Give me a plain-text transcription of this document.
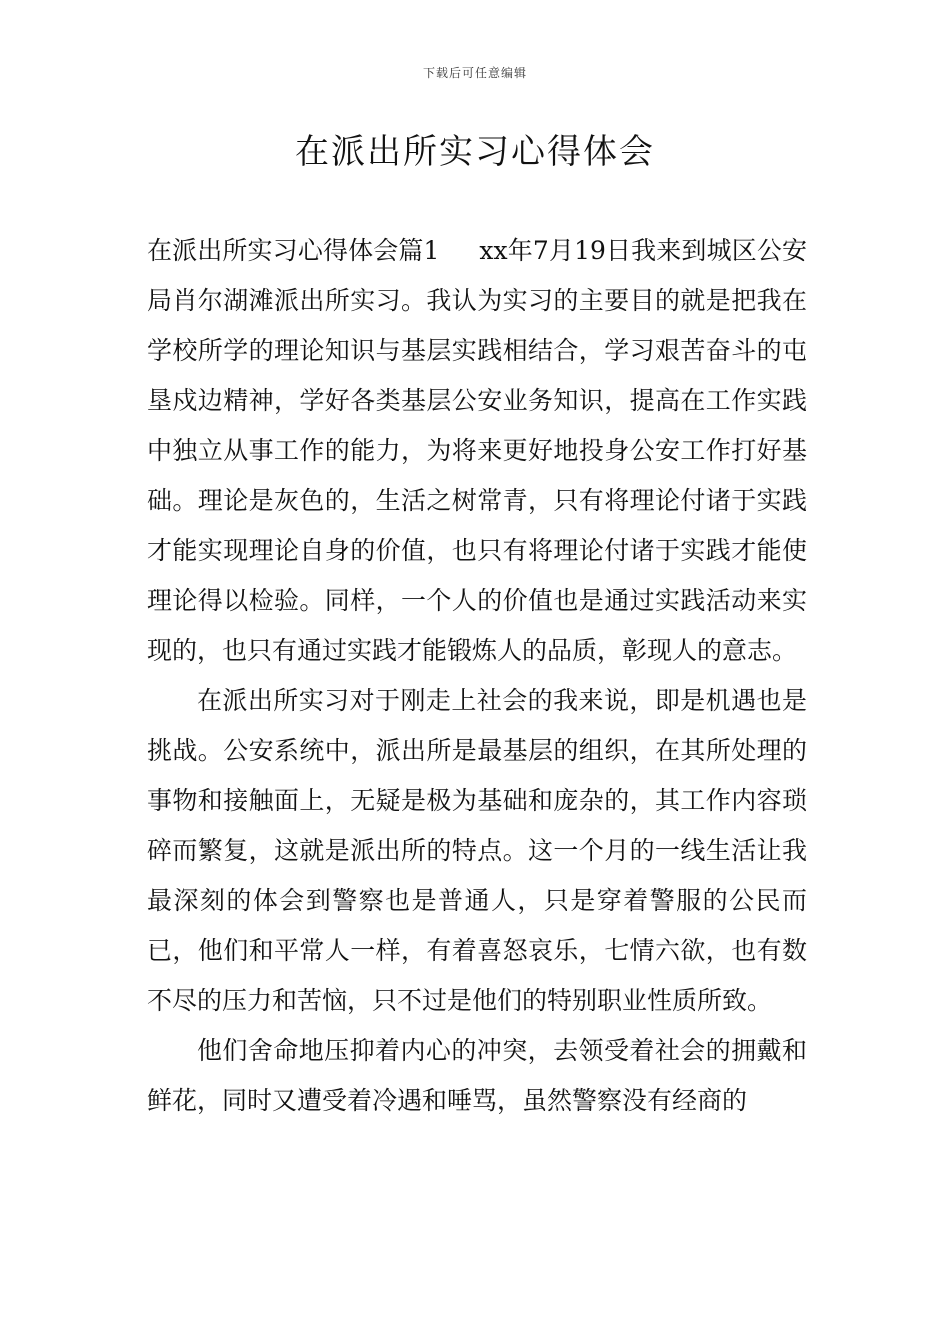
下载后可任意编辑
在派出所实习心得体会

在派出所实习心得体会篇1 xx年7月19日我来到城区公安局肖尔湖滩派出所实习。我认为实习的主要目的就是把我在学校所学的理论知识与基层实践相结合，学习艰苦奋斗的屯垦戍边精神，学好各类基层公安业务知识，提高在工作实践中独立从事工作的能力，为将来更好地投身公安工作打好基础。理论是灰色的，生活之树常青，只有将理论付诸于实践才能实现理论自身的价值，也只有将理论付诸于实践才能使理论得以检验。同样，一个人的价值也是通过实践活动来实现的，也只有通过实践才能锻炼人的品质，彰现人的意志。

在派出所实习对于刚走上社会的我来说，即是机遇也是挑战。公安系统中，派出所是最基层的组织，在其所处理的事物和接触面上，无疑是极为基础和庞杂的，其工作内容琐碎而繁复，这就是派出所的特点。这一个月的一线生活让我最深刻的体会到警察也是普通人，只是穿着警服的公民而已，他们和平常人一样，有着喜怒哀乐，七情六欲，也有数不尽的压力和苦恼，只不过是他们的特别职业性质所致。

他们舍命地压抑着内心的冲突，去领受着社会的拥戴和鲜花，同时又遭受着冷遇和唾骂，虽然警察没有经商的
